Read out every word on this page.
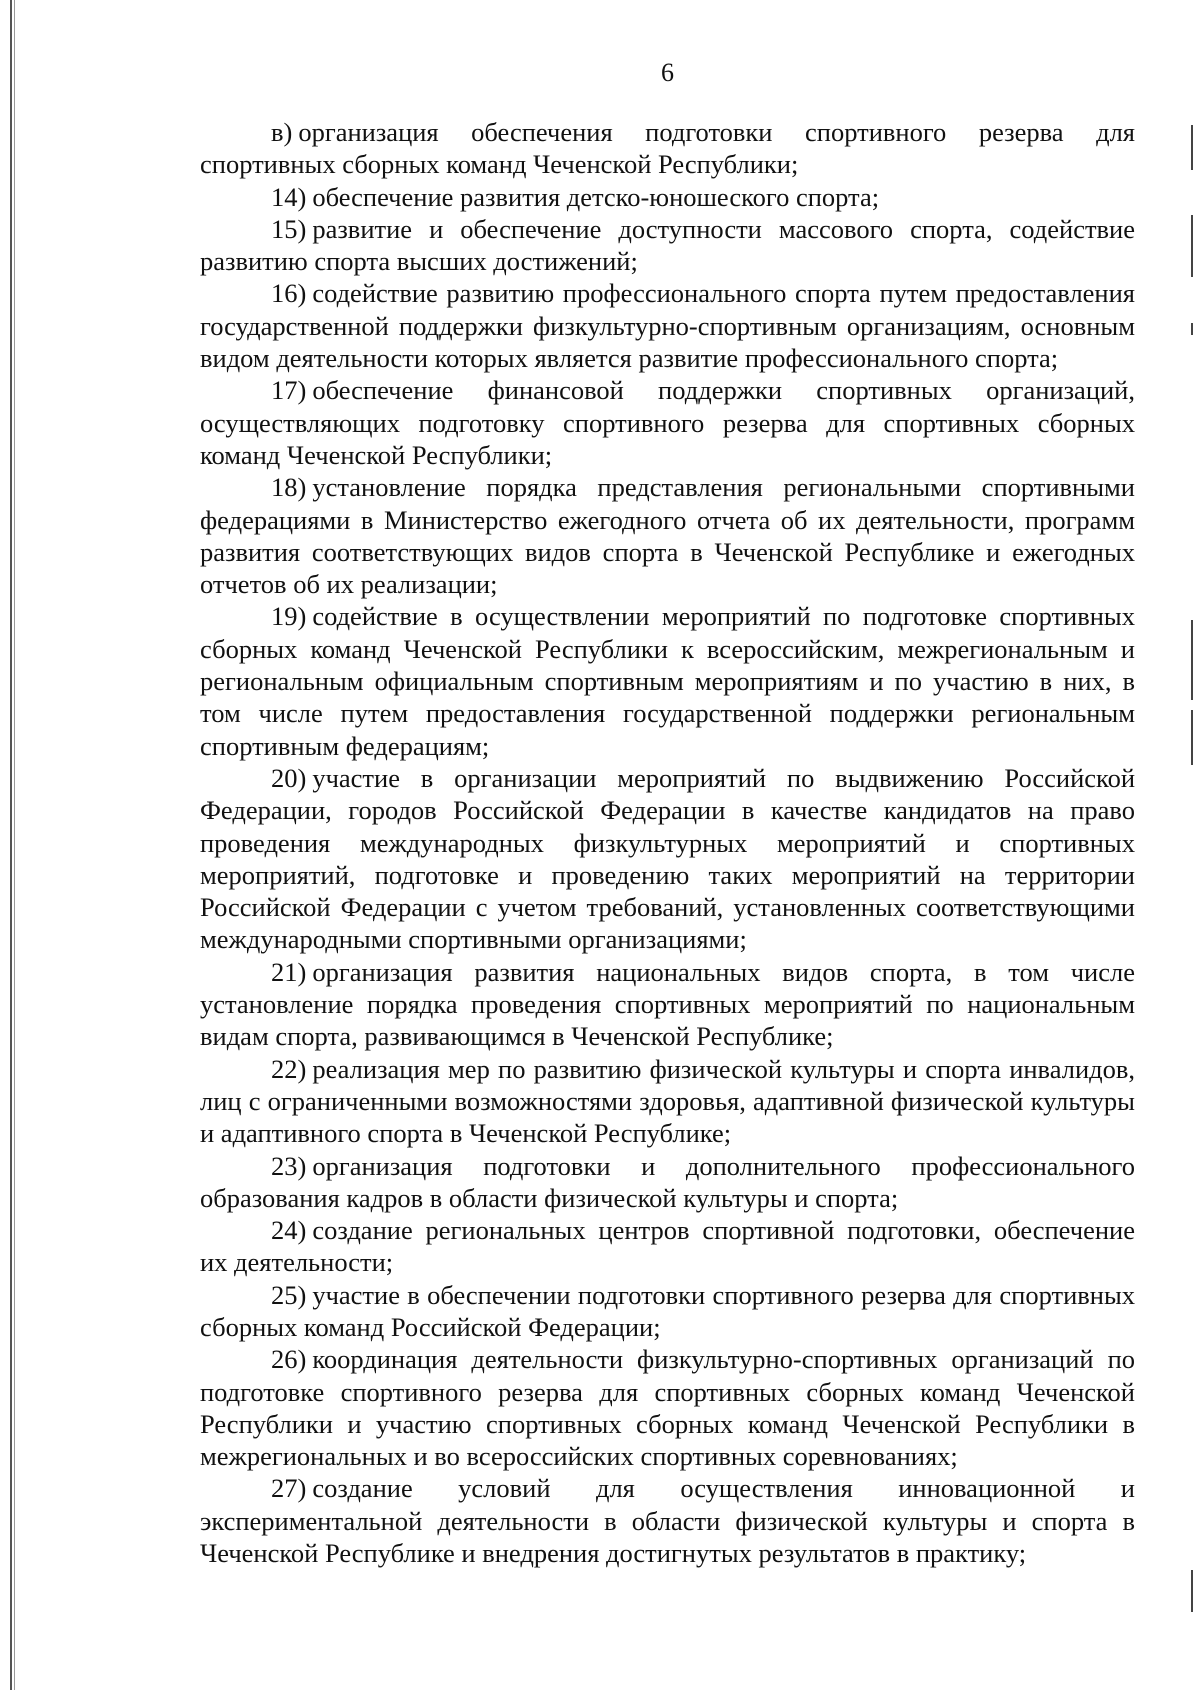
6

в) организация обеспечения подготовки спортивного резерва для спортивных сборных команд Чеченской Республики;

14) обеспечение развития детско-юношеского спорта;

15) развитие и обеспечение доступности массового спорта, содействие развитию спорта высших достижений;

16) содействие развитию профессионального спорта путем предоставления государственной поддержки физкультурно-спортивным организациям, основным видом деятельности которых является развитие профессионального спорта;

17) обеспечение финансовой поддержки спортивных организаций, осуществляющих подготовку спортивного резерва для спортивных сборных команд Чеченской Республики;

18) установление порядка представления региональными спортивными федерациями в Министерство ежегодного отчета об их деятельности, программ развития соответствующих видов спорта в Чеченской Республике и ежегодных отчетов об их реализации;

19) содействие в осуществлении мероприятий по подготовке спортивных сборных команд Чеченской Республики к всероссийским, межрегиональным и региональным официальным спортивным мероприятиям и по участию в них, в том числе путем предоставления государственной поддержки региональным спортивным федерациям;

20) участие в организации мероприятий по выдвижению Российской Федерации, городов Российской Федерации в качестве кандидатов на право проведения международных физкультурных мероприятий и спортивных мероприятий, подготовке и проведению таких мероприятий на территории Российской Федерации с учетом требований, установленных соответствующими международными спортивными организациями;

21) организация развития национальных видов спорта, в том числе установление порядка проведения спортивных мероприятий по национальным видам спорта, развивающимся в Чеченской Республике;

22) реализация мер по развитию физической культуры и спорта инвалидов, лиц с ограниченными возможностями здоровья, адаптивной физической культуры и адаптивного спорта в Чеченской Республике;

23) организация подготовки и дополнительного профессионального образования кадров в области физической культуры и спорта;

24) создание региональных центров спортивной подготовки, обеспечение их деятельности;

25) участие в обеспечении подготовки спортивного резерва для спортивных сборных команд Российской Федерации;

26) координация деятельности физкультурно-спортивных организаций по подготовке спортивного резерва для спортивных сборных команд Чеченской Республики и участию спортивных сборных команд Чеченской Республики в межрегиональных и во всероссийских спортивных соревнованиях;

27) создание условий для осуществления инновационной и экспериментальной деятельности в области физической культуры и спорта в Чеченской Республике и внедрения достигнутых результатов в практику;
